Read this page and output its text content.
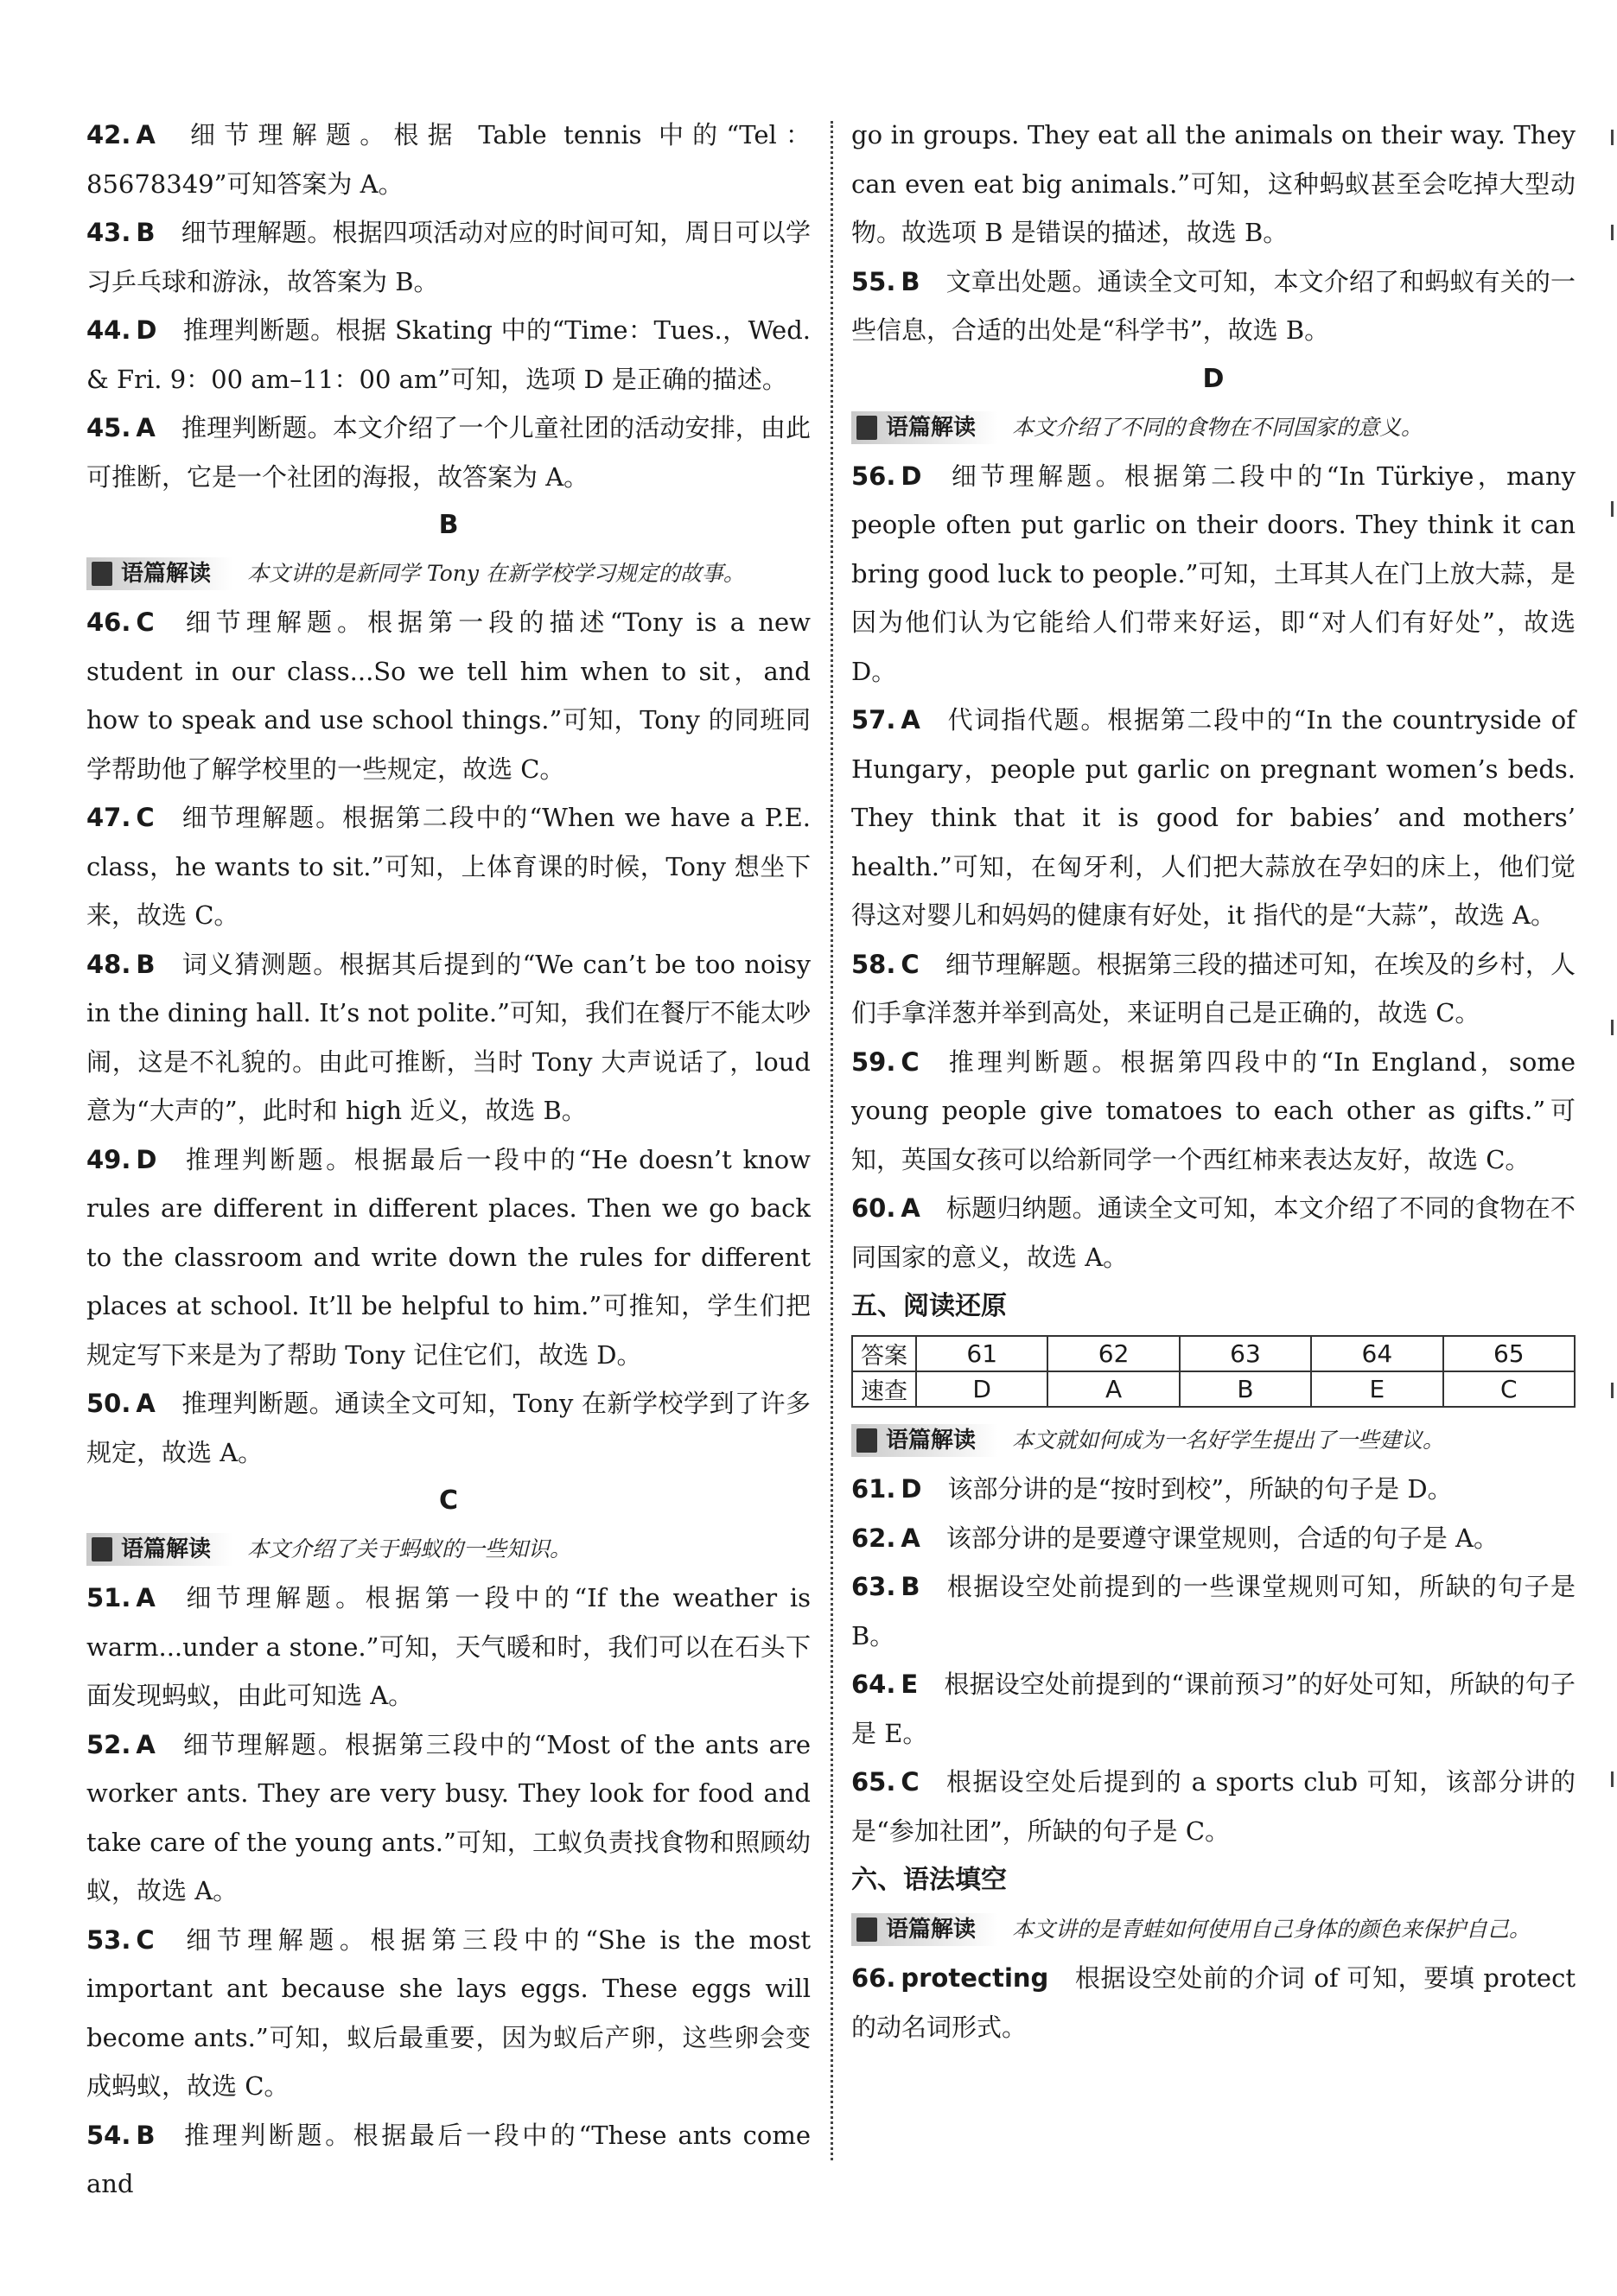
42. A 细节理解题。根据 Table tennis 中的“Tel：85678349”可知答案为 A。

43. B 细节理解题。根据四项活动对应的时间可知，周日可以学习乒乓球和游泳，故答案为 B。

44. D 推理判断题。根据 Skating 中的“Time：Tues.，Wed. & Fri. 9：00 am–11：00 am”可知，选项 D 是正确的描述。

45. A 推理判断题。本文介绍了一个儿童社团的活动安排，由此可推断，它是一个社团的海报，故答案为 A。

B
语篇解读 本文讲的是新同学 Tony 在新学校学习规定的故事。

46. C 细节理解题。根据第一段的描述“Tony is a new student in our class...So we tell him when to sit，and how to speak and use school things.”可知，Tony 的同班同学帮助他了解学校里的一些规定，故选 C。

47. C 细节理解题。根据第二段中的“When we have a P.E. class，he wants to sit.”可知，上体育课的时候，Tony 想坐下来，故选 C。

48. B 词义猜测题。根据其后提到的“We can’t be too noisy in the dining hall. It’s not polite.”可知，我们在餐厅不能太吵闹，这是不礼貌的。由此可推断，当时 Tony 大声说话了，loud 意为“大声的”，此时和 high 近义，故选 B。

49. D 推理判断题。根据最后一段中的“He doesn’t know rules are different in different places. Then we go back to the classroom and write down the rules for different places at school. It’ll be helpful to him.”可推知，学生们把规定写下来是为了帮助 Tony 记住它们，故选 D。

50. A 推理判断题。通读全文可知，Tony 在新学校学到了许多规定，故选 A。

C
语篇解读 本文介绍了关于蚂蚁的一些知识。

51. A 细节理解题。根据第一段中的“If the weather is warm...under a stone.”可知，天气暖和时，我们可以在石头下面发现蚂蚁，由此可知选 A。

52. A 细节理解题。根据第三段中的“Most of the ants are worker ants. They are very busy. They look for food and take care of the young ants.”可知，工蚁负责找食物和照顾幼蚁，故选 A。

53. C 细节理解题。根据第三段中的“She is the most important ant because she lays eggs. These eggs will become ants.”可知，蚁后最重要，因为蚁后产卵，这些卵会变成蚂蚁，故选 C。

54. B 推理判断题。根据最后一段中的“These ants come and

go in groups. They eat all the animals on their way. They can even eat big animals.”可知，这种蚂蚁甚至会吃掉大型动物。故选项 B 是错误的描述，故选 B。

55. B 文章出处题。通读全文可知，本文介绍了和蚂蚁有关的一些信息，合适的出处是“科学书”，故选 B。

D
语篇解读 本文介绍了不同的食物在不同国家的意义。

56. D 细节理解题。根据第二段中的“In Türkiye，many people often put garlic on their doors. They think it can bring good luck to people.”可知，土耳其人在门上放大蒜，是因为他们认为它能给人们带来好运，即“对人们有好处”，故选 D。

57. A 代词指代题。根据第二段中的“In the countryside of Hungary，people put garlic on pregnant women’s beds. They think that it is good for babies’ and mothers’ health.”可知，在匈牙利，人们把大蒜放在孕妇的床上，他们觉得这对婴儿和妈妈的健康有好处，it 指代的是“大蒜”，故选 A。

58. C 细节理解题。根据第三段的描述可知，在埃及的乡村，人们手拿洋葱并举到高处，来证明自己是正确的，故选 C。

59. C 推理判断题。根据第四段中的“In England，some young people give tomatoes to each other as gifts.”可知，英国女孩可以给新同学一个西红柿来表达友好，故选 C。

60. A 标题归纳题。通读全文可知，本文介绍了不同的食物在不同国家的意义，故选 A。

五、阅读还原
答案	61	62	63	64	65
速查	D	A	B	E	C
语篇解读 本文就如何成为一名好学生提出了一些建议。

61. D 该部分讲的是“按时到校”，所缺的句子是 D。

62. A 该部分讲的是要遵守课堂规则，合适的句子是 A。

63. B 根据设空处前提到的一些课堂规则可知，所缺的句子是 B。

64. E 根据设空处前提到的“课前预习”的好处可知，所缺的句子是 E。

65. C 根据设空处后提到的 a sports club 可知，该部分讲的是“参加社团”，所缺的句子是 C。

六、语法填空
语篇解读 本文讲的是青蛙如何使用自己身体的颜色来保护自己。

66. protecting 根据设空处前的介词 of 可知，要填 protect 的动名词形式。
